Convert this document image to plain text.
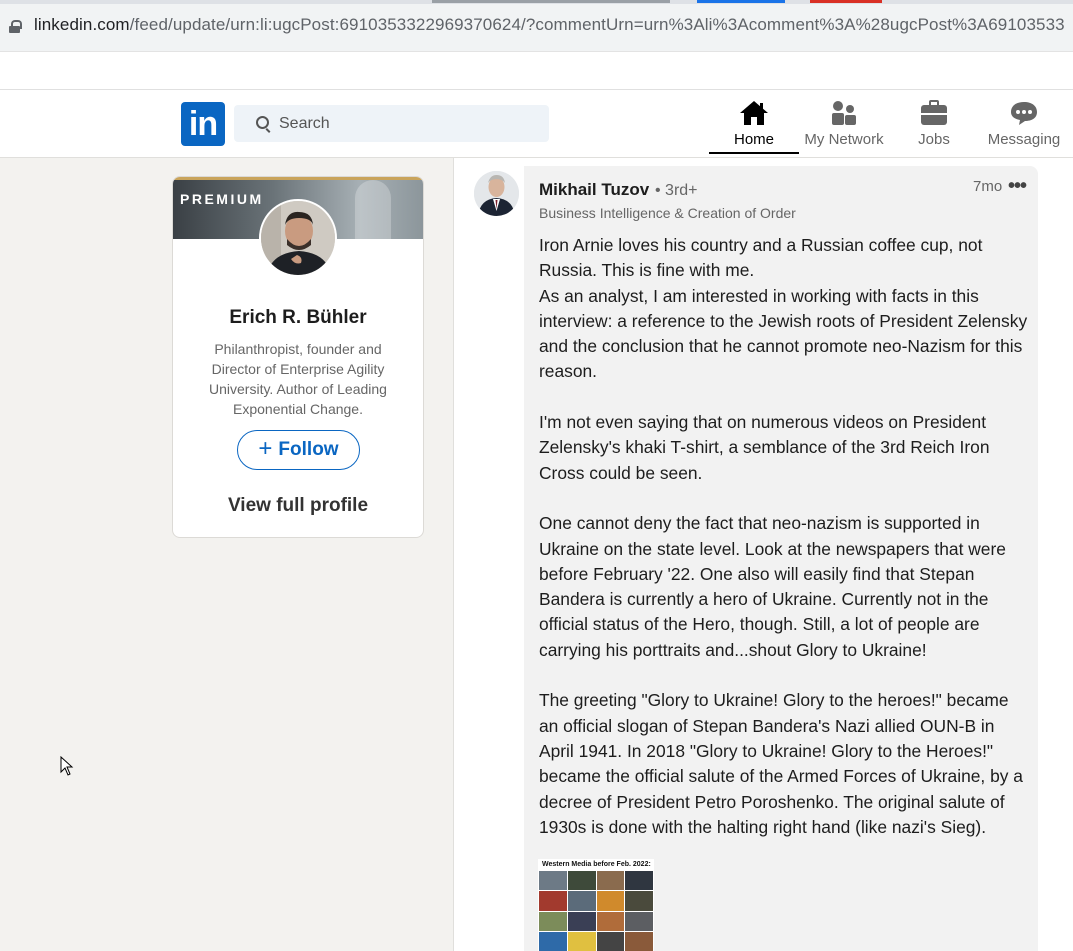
linkedin.com/feed/update/urn:li:ugcPost:6910353322969370624/?commentUrn=urn%3Ali%3Acomment%3A%28ugcPost%3A69103533
in
Search	Home	My Network	Jobs	Messaging
PREMIUM
Erich R. Bühler
Philanthropist, founder and Director of Enterprise Agility University. Author of Leading Exponential Change.
+ Follow
View full profile
Mikhail Tuzov • 3rd+
Business Intelligence & Creation of Order
7mo •••

Iron Arnie loves his country and a Russian coffee cup, not Russia. This is fine with me.

As an analyst, I am interested in working with facts in this interview: a reference to the Jewish roots of President Zelensky and the conclusion that he cannot promote neo-Nazism for this reason.

I'm not even saying that on numerous videos on President Zelensky's khaki T-shirt, a semblance of the 3rd Reich Iron Cross could be seen.

One cannot deny the fact that neo-nazism is supported in Ukraine on the state level. Look at the newspapers that were before February '22. One also will easily find that Stepan Bandera is currently a hero of Ukraine. Currently not in the official status of the Hero, though. Still, a lot of people are carrying his porttraits and...shout Glory to Ukraine!

The greeting "Glory to Ukraine! Glory to the heroes!" became an official slogan of Stepan Bandera's Nazi allied OUN-B in April 1941. In 2018 "Glory to Ukraine! Glory to the Heroes!" became the official salute of the Armed Forces of Ukraine, by a decree of President Petro Poroshenko. The original salute of 1930s is done with the halting right hand (like nazi's Sieg).

Western Media before Feb. 2022:
